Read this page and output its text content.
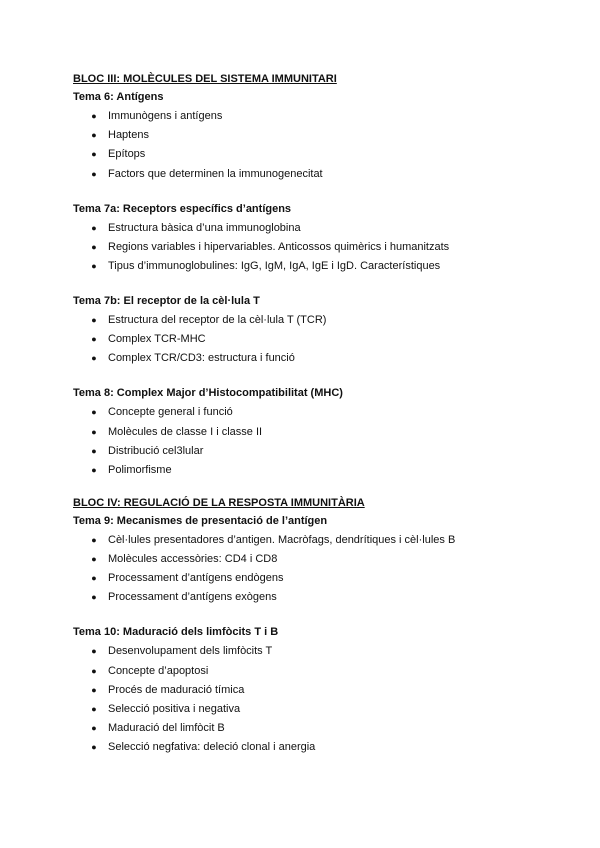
BLOC III: MOLÈCULES DEL SISTEMA IMMUNITARI
Tema 6: Antígens
● Immunògens i antígens
● Haptens
● Epítops
● Factors que determinen la immunogenecitat
Tema 7a: Receptors específics d’antígens
● Estructura bàsica d’una immunoglobina
● Regions variables i hipervariables. Anticossos quimèrics i humanitzats
● Tipus d’immunoglobulines: IgG, IgM, IgA, IgE i IgD. Característiques
Tema 7b: El receptor de la cèl·lula T
● Estructura del receptor de la cèl·lula T (TCR)
● Complex TCR-MHC
● Complex TCR/CD3: estructura i funció
Tema 8: Complex Major d’Histocompatibilitat (MHC)
● Concepte general i funció
● Molècules de classe I i classe II
● Distribució cel3lular
● Polimorfisme
BLOC IV: REGULACIÓ DE LA RESPOSTA IMMUNITÀRIA
Tema 9: Mecanismes de presentació de l’antígen
● Cèl·lules presentadores d’antigen. Macròfags, dendrítiques i cèl·lules B
● Molècules accessòries: CD4 i CD8
● Processament d’antígens endògens
● Processament d’antígens exògens
Tema 10: Maduració dels limfòcits T i B
● Desenvolupament dels limfòcits T
● Concepte d’apoptosi
● Procés de maduració tímica
● Selecció positiva i negativa
● Maduració del limfòcit B
● Selecció negfativa: deleció clonal i anergia
